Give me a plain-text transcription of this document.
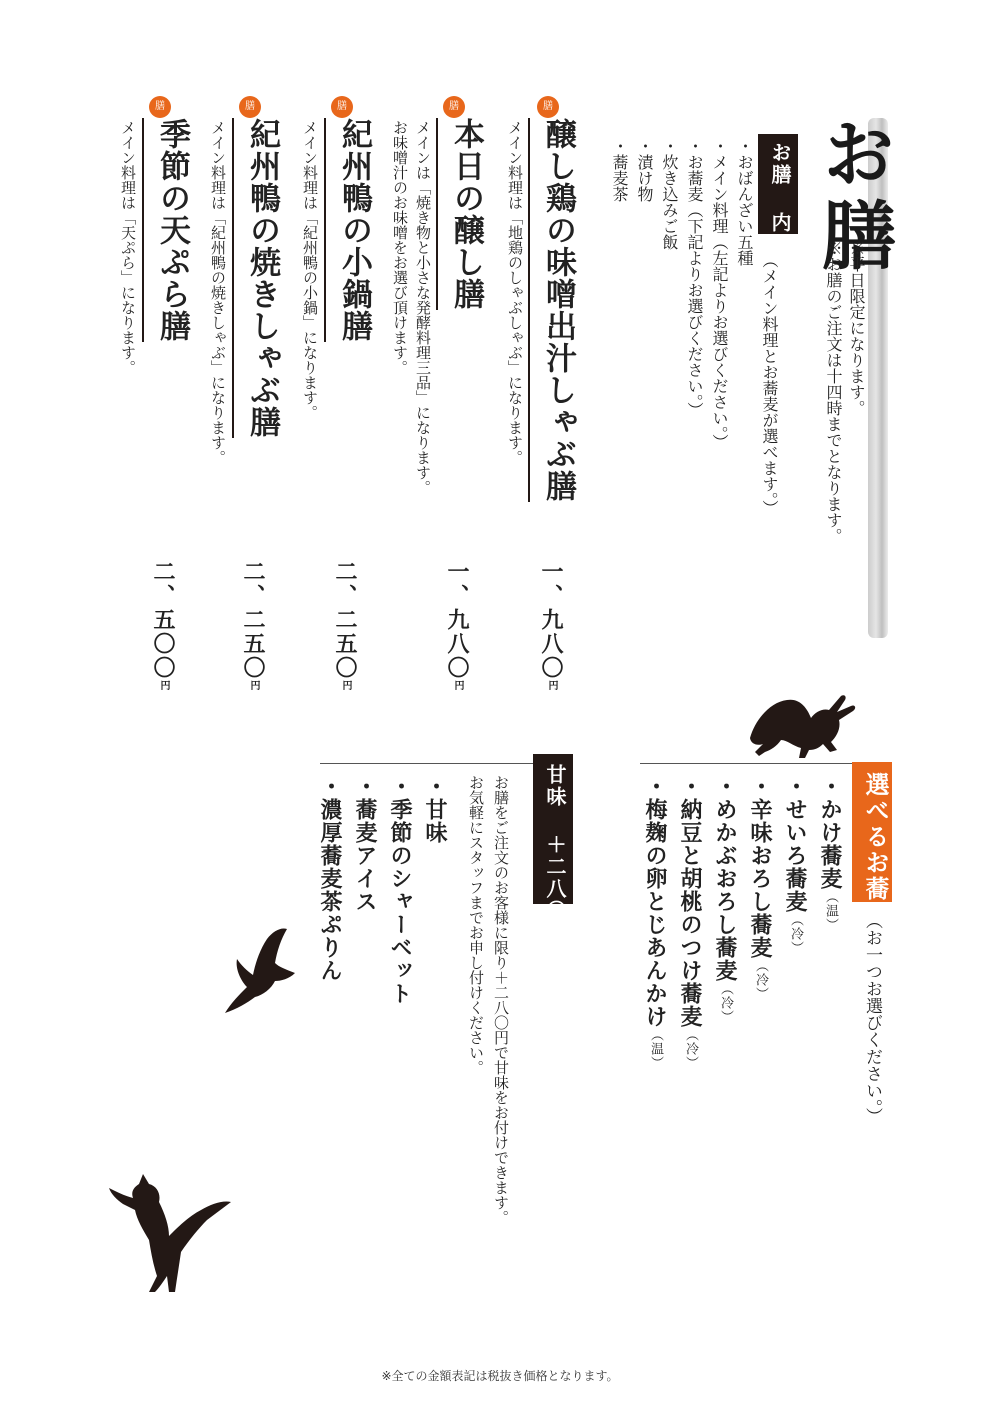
お膳
※平日限定になります。
※お膳のご注文は十四時までとなります。
お膳 内容
（メイン料理とお蕎麦が選べます。）
・おばんざい五種
・メイン料理（左記よりお選びください。）
・お蕎麦（下記よりお選びください。）
・炊き込みご飯
・漬け物
・蕎麦茶
膳
醸し鶏の味噌出汁しゃぶ膳
メイン料理は「地鶏のしゃぶしゃぶ」になります。
一、九八〇円
膳
本日の醸し膳
メインは「焼き物と小さな発酵料理三品」になります。
お味噌汁のお味噌をお選び頂けます。
一、九八〇円
膳
紀州鴨の小鍋膳
メイン料理は「紀州鴨の小鍋」になります。
二、二五〇円
膳
紀州鴨の焼きしゃぶ膳
メイン料理は「紀州鴨の焼きしゃぶ」になります。
二、二五〇円
膳
季節の天ぷら膳
メイン料理は「天ぷら」になります。
二、五〇〇円
選べるお蕎麦
（お一つお選びください。）
・かけ蕎麦（温）
・せいろ蕎麦（冷）
・辛味おろし蕎麦（冷）
・めかぶおろし蕎麦（冷）
・納豆と胡桃のつけ蕎麦（冷）
・梅麹の卵とじあんかけ（温）
甘味 ＋二八〇円
お膳をご注文のお客様に限り＋二八〇円で甘味をお付けできます。
お気軽にスタッフまでお申し付けください。
・甘味
・季節のシャーベット
・蕎麦アイス
・濃厚蕎麦茶ぷりん
※全ての金額表記は税抜き価格となります。
